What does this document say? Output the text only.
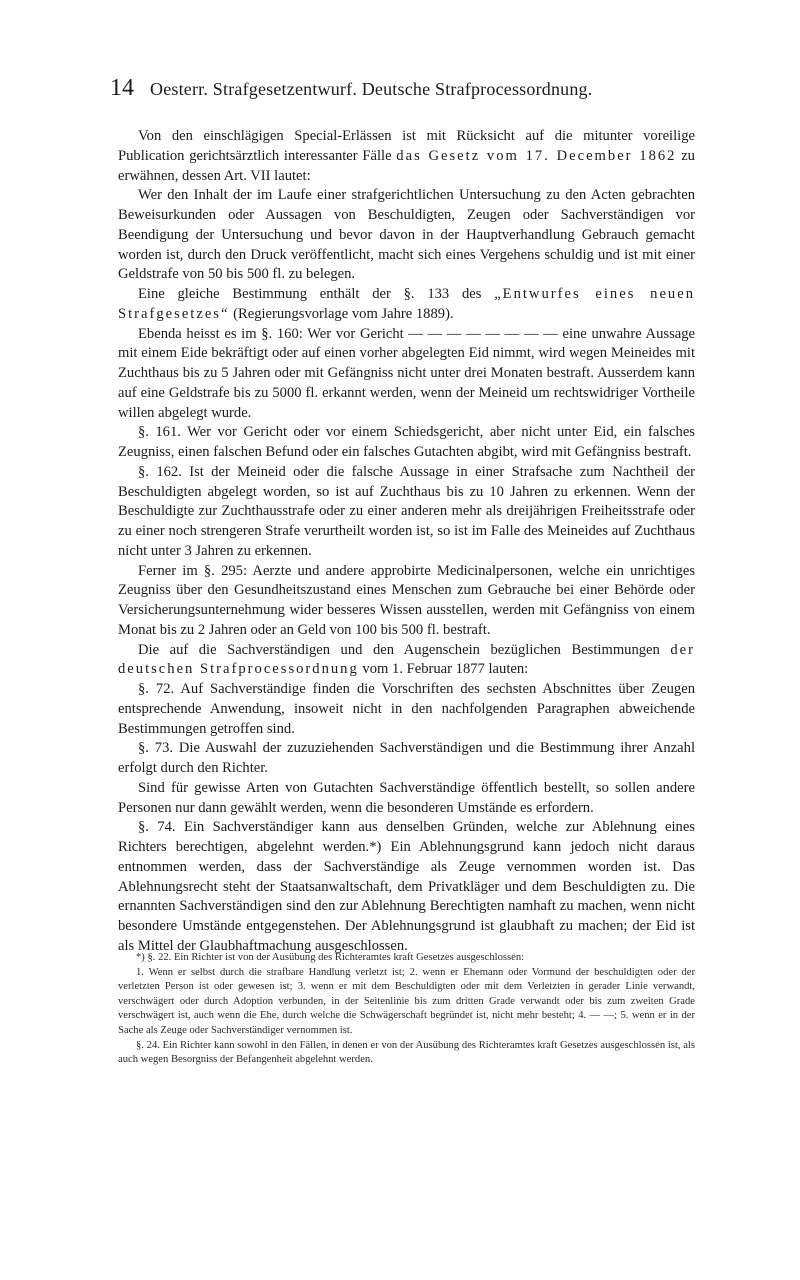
14 Oesterr. Strafgesetzentwurf. Deutsche Strafprocessordnung.

Von den einschlägigen Special-Erlässen ist mit Rücksicht auf die mitunter voreilige Publication gerichtsärztlich interessanter Fälle das Gesetz vom 17. December 1862 zu erwähnen, dessen Art. VII lautet:

Wer den Inhalt der im Laufe einer strafgerichtlichen Untersuchung zu den Acten gebrachten Beweisurkunden oder Aussagen von Beschuldigten, Zeugen oder Sachverständigen vor Beendigung der Untersuchung und bevor davon in der Hauptverhandlung Gebrauch gemacht worden ist, durch den Druck veröffentlicht, macht sich eines Vergehens schuldig und ist mit einer Geldstrafe von 50 bis 500 fl. zu belegen.

Eine gleiche Bestimmung enthält der §. 133 des „Entwurfes eines neuen Strafgesetzes“ (Regierungsvorlage vom Jahre 1889).

Ebenda heisst es im §. 160: Wer vor Gericht — — — — — — — — eine unwahre Aussage mit einem Eide bekräftigt oder auf einen vorher abgelegten Eid nimmt, wird wegen Meineides mit Zuchthaus bis zu 5 Jahren oder mit Gefängniss nicht unter drei Monaten bestraft. Ausserdem kann auf eine Geldstrafe bis zu 5000 fl. erkannt werden, wenn der Meineid um rechtswidriger Vortheile willen abgelegt wurde.

§. 161. Wer vor Gericht oder vor einem Schiedsgericht, aber nicht unter Eid, ein falsches Zeugniss, einen falschen Befund oder ein falsches Gutachten abgibt, wird mit Gefängniss bestraft.

§. 162. Ist der Meineid oder die falsche Aussage in einer Strafsache zum Nachtheil der Beschuldigten abgelegt worden, so ist auf Zuchthaus bis zu 10 Jahren zu erkennen. Wenn der Beschuldigte zur Zuchthausstrafe oder zu einer anderen mehr als dreijährigen Freiheitsstrafe oder zu einer noch strengeren Strafe verurtheilt worden ist, so ist im Falle des Meineides auf Zuchthaus nicht unter 3 Jahren zu erkennen.

Ferner im §. 295: Aerzte und andere approbirte Medicinalpersonen, welche ein unrichtiges Zeugniss über den Gesundheitszustand eines Menschen zum Gebrauche bei einer Behörde oder Versicherungsunternehmung wider besseres Wissen ausstellen, werden mit Gefängniss von einem Monat bis zu 2 Jahren oder an Geld von 100 bis 500 fl. bestraft.

Die auf die Sachverständigen und den Augenschein bezüglichen Bestimmungen der deutschen Strafprocessordnung vom 1. Februar 1877 lauten:

§. 72. Auf Sachverständige finden die Vorschriften des sechsten Abschnittes über Zeugen entsprechende Anwendung, insoweit nicht in den nachfolgenden Paragraphen abweichende Bestimmungen getroffen sind.

§. 73. Die Auswahl der zuzuziehenden Sachverständigen und die Bestimmung ihrer Anzahl erfolgt durch den Richter.

Sind für gewisse Arten von Gutachten Sachverständige öffentlich bestellt, so sollen andere Personen nur dann gewählt werden, wenn die besonderen Umstände es erfordern.

§. 74. Ein Sachverständiger kann aus denselben Gründen, welche zur Ablehnung eines Richters berechtigen, abgelehnt werden.*) Ein Ablehnungsgrund kann jedoch nicht daraus entnommen werden, dass der Sachverständige als Zeuge vernommen worden ist. Das Ablehnungsrecht steht der Staatsanwaltschaft, dem Privatkläger und dem Beschuldigten zu. Die ernannten Sachverständigen sind den zur Ablehnung Berechtigten namhaft zu machen, wenn nicht besondere Umstände entgegenstehen. Der Ablehnungsgrund ist glaubhaft zu machen; der Eid ist als Mittel der Glaubhaftmachung ausgeschlossen.

*) §. 22. Ein Richter ist von der Ausübung des Richteramtes kraft Gesetzes ausgeschlossen:

1. Wenn er selbst durch die strafbare Handlung verletzt ist; 2. wenn er Ehemann oder Vormund der beschuldigten oder der verletzten Person ist oder gewesen ist; 3. wenn er mit dem Beschuldigten oder mit dem Verletzten in gerader Linie verwandt, verschwägert oder durch Adoption verbunden, in der Seitenlinie bis zum dritten Grade verwandt oder bis zum zweiten Grade verschwägert ist, auch wenn die Ehe, durch welche die Schwägerschaft begründet ist, nicht mehr besteht; 4. — —; 5. wenn er in der Sache als Zeuge oder Sachverständiger vernommen ist.

§. 24. Ein Richter kann sowohl in den Fällen, in denen er von der Ausübung des Richteramtes kraft Gesetzes ausgeschlossen ist, als auch wegen Besorgniss der Befangenheit abgelehnt werden.
